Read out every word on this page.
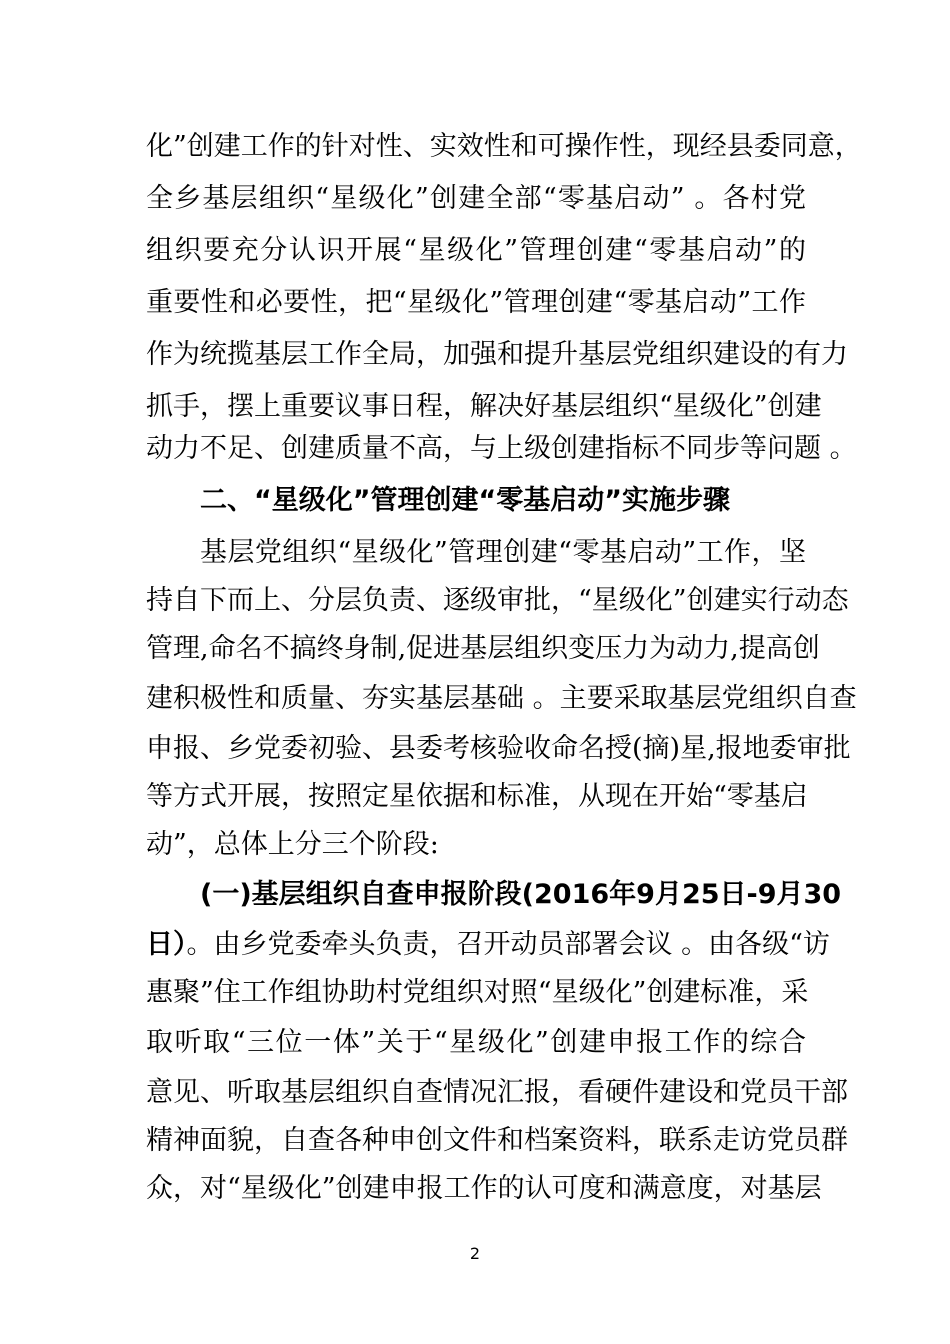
化”创建工作的针对性、实效性和可操作性，现经县委同意，
全乡基层组织“星级化”创建全部“零基启动” 。各村党
组织要充分认识开展“星级化”管理创建“零基启动”的
重要性和必要性，把“星级化”管理创建“零基启动”工作
作为统揽基层工作全局，加强和提升基层党组织建设的有力
抓手，摆上重要议事日程，解决好基层组织“星级化”创建
动力不足、创建质量不高，与上级创建指标不同步等问题 。
二、“星级化”管理创建“零基启动”实施步骤
基层党组织“星级化”管理创建“零基启动”工作，坚
持自下而上、分层负责、逐级审批，“星级化”创建实行动态
管理,命名不搞终身制,促进基层组织变压力为动力,提高创
建积极性和质量、夯实基层基础 。主要采取基层党组织自查
申报、乡党委初验、县委考核验收命名授(摘)星,报地委审批
等方式开展，按照定星依据和标准，从现在开始“零基启
动”，总体上分三个阶段:
(一)基层组织自查申报阶段(2016年9月25日-9月30
日）。由乡党委牵头负责，召开动员部署会议 。由各级“访
惠聚”住工作组协助村党组织对照“星级化”创建标准，采
取听取“三位一体”关于“星级化”创建申报工作的综合
意见、听取基层组织自查情况汇报，看硬件建设和党员干部
精神面貌，自查各种申创文件和档案资料，联系走访党员群
众，对“星级化”创建申报工作的认可度和满意度，对基层
2
